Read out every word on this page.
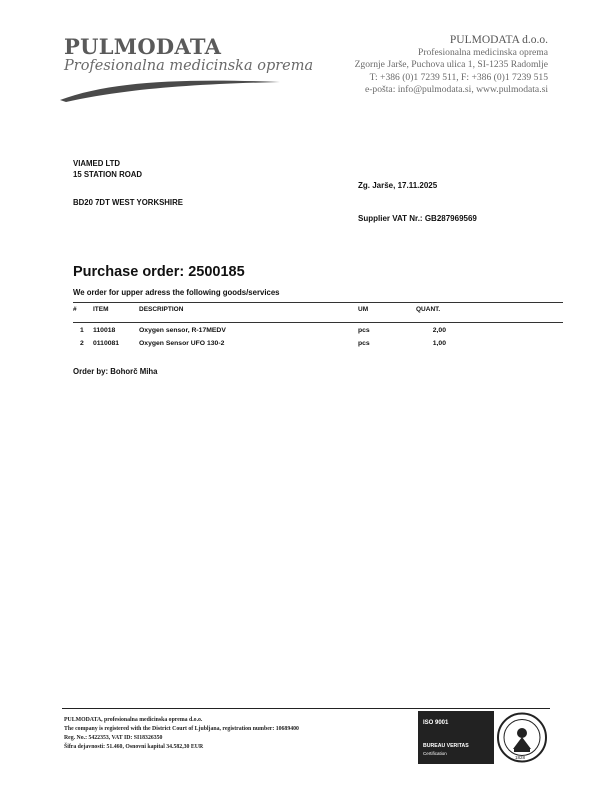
PULMODATA
Profesionalna medicinska oprema
PULMODATA d.o.o.
Profesionalna medicinska oprema
Zgornje Jarše, Puchova ulica 1, SI-1235 Radomlje
T: +386 (0)1 7239 511, F: +386 (0)1 7239 515
e-pošta: info@pulmodata.si, www.pulmodata.si
VIAMED LTD
15 STATION ROAD
BD20 7DT WEST YORKSHIRE
Zg. Jarše, 17.11.2025
Supplier VAT Nr.: GB287969569
Purchase order: 2500185
We order for upper adress the following goods/services
#	ITEM	DESCRIPTION	UM	QUANT.
1 110018	Oxygen sensor, R-17MEDV	pcs	2,00
2 0110081	Oxygen Sensor UFO 130-2	pcs	1,00
Order by: Bohorč Miha
PULMODATA, profesionalna medicinska oprema d.o.o.
The company is registered with the District Court of Ljubljana, registration number: 10689400
Reg. No.: 5422353, VAT ID: SI18326350
Šifra dejavnosti: 51.460, Osnovni kapital 34.582,30 EUR
ISO 9001
BUREAU VERITAS
Certification
1828
